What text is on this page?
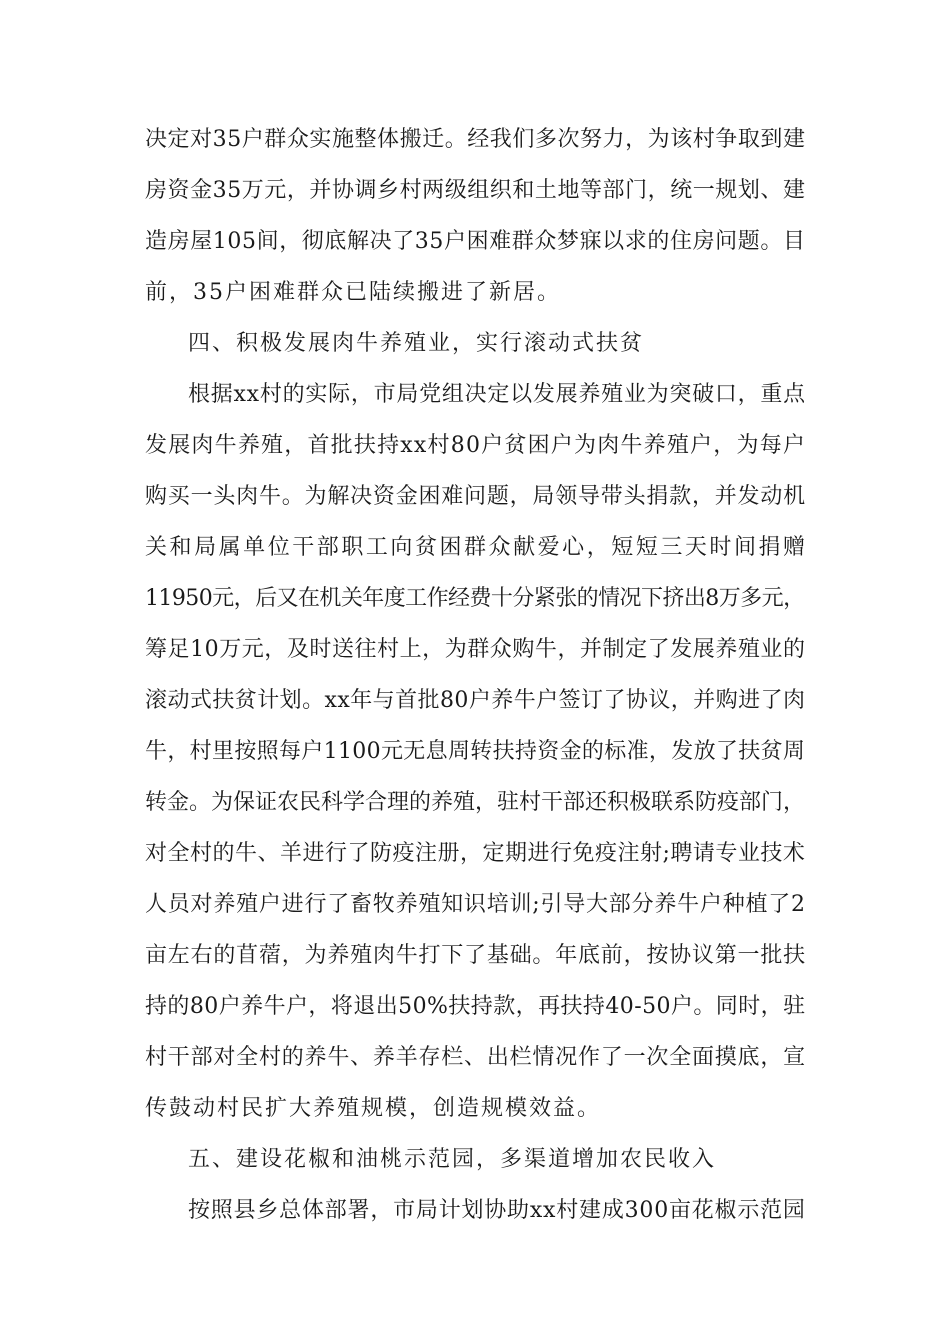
决定对35户群众实施整体搬迁。经我们多次努力，为该村争取到建
房资金35万元，并协调乡村两级组织和土地等部门，统一规划、建
造房屋105间，彻底解决了35户困难群众梦寐以求的住房问题。目
前，35户困难群众已陆续搬进了新居。
四、积极发展肉牛养殖业，实行滚动式扶贫
根据xx村的实际，市局党组决定以发展养殖业为突破口，重点
发展肉牛养殖，首批扶持xx村80户贫困户为肉牛养殖户，为每户
购买一头肉牛。为解决资金困难问题，局领导带头捐款，并发动机
关和局属单位干部职工向贫困群众献爱心，短短三天时间捐赠
11950元，后又在机关年度工作经费十分紧张的情况下挤出8万多元，
筹足10万元，及时送往村上，为群众购牛，并制定了发展养殖业的
滚动式扶贫计划。xx年与首批80户养牛户签订了协议，并购进了肉
牛，村里按照每户1100元无息周转扶持资金的标准，发放了扶贫周
转金。为保证农民科学合理的养殖，驻村干部还积极联系防疫部门，
对全村的牛、羊进行了防疫注册，定期进行免疫注射;聘请专业技术
人员对养殖户进行了畜牧养殖知识培训;引导大部分养牛户种植了2
亩左右的苜蓿，为养殖肉牛打下了基础。年底前，按协议第一批扶
持的80户养牛户，将退出50%扶持款，再扶持40-50户。同时，驻
村干部对全村的养牛、养羊存栏、出栏情况作了一次全面摸底，宣
传鼓动村民扩大养殖规模，创造规模效益。
五、建设花椒和油桃示范园，多渠道增加农民收入
按照县乡总体部署，市局计划协助xx村建成300亩花椒示范园
